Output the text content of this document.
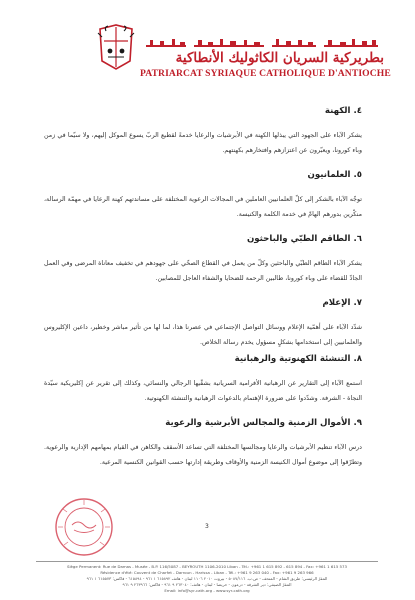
بطريركية السريان الكاثوليك الأنطاكية
PATRIARCAT SYRIAQUE CATHOLIQUE D'ANTIOCHE

٤. الكهنة

يشكر الآباء على الجهود التي يبذلها الكهنة في الأبرشيات والرعايا خدمةً لقطيع الربّ يسوع الموكل إليهم، ولا سيّما في زمن وباء كورونا، ويعبّرون عن اعتزازهم وافتخارهم بكهنتهم.

٥. العلمانيون

توجّه الآباء بالشكر إلى كلّ العلمانيين العاملين في المجالات الرعوية المختلفة على مساندتهم كهنة الرعايا في مهمّة الرسالة، منكّرين بدورهم الهامّ في خدمة الكلمة والكنيسة.

٦. الطاقم الطبّي والباحثون

يشكر الآباء الطاقم الطبّي والباحثين وكلّ من يعمل في القطاع الصحّي على جهودهم في تخفيف معاناة المرضى وفي العمل الجادّ للقضاء على وباء كورونا، طالبين الرحمة للضحايا والشفاء العاجل للمصابين.

٧. الإعلام

شدّد الآباء على أهمّية الإعلام ووسائل التواصل الإجتماعي في عصرنا هذا، لما لها من تأثير مباشر وخطير، داعين الإكليروس والعلمانيين إلى استخدامها بشكلٍ مسؤول يخدم رسالة الخلاص.

٨. التنشئة الكهنوتية والرهبانية

استمع الآباء إلى التقارير عن الرهبانية الأفرامية السريانية بشقّيها الرجالي والنسائي، وكذلك إلى تقرير عن إكليريكية سيّدة النجاة - الشرفة. وشدّدوا على ضرورة الإهتمام بالدعوات الرهبانية والتنشئة الكهنوتية.

٩. الأموال الزمنية والمجالس الأبرشية والرعوية

درس الآباء تنظيم الأبرشيات والرعايا ومجالسها المختلفة التي تساعد الأسقف والكاهن في القيام بمهامهم الإدارية والرعوية. وتطرّقوا إلى موضوع أموال الكنيسة الزمنية والأوقاف وطريقة إدارتها حسب القوانين الكنسية المرعية.

3
Siège Permanent: Rue de Damas - Musée - B.P. 116/5087 - BEYROUTH 1106-2010 Liban - Tél.: +961 1 615 892 - 615 894 - Fax: +961 1 615 573
Résidence d'été: Couvent de Charfet - Darroun - Harissa - Liban - Tél.: +961 9 263 040 - Fax: +961 9 263 966
المقرّ الرئيسي: طريق الشام - المتحف - ص.ب. ٥٠٨٧/١١٦ - بيروت ٢٠١٠ ١١٠٦ لبنان - هاتف ٦١٥٨٩٢ ١ ٩٦١ - ٦١٥٨٩٤ - فاكس: ٦١٥٥٧٣ ١ ٩٦١
المقرّ الصيفي: دير الشرفة - درعون - حريصا - لبنان - هاتف: ٢٦٣٠٤٠ ٩ ٩٦١ - فاكس: ٢٦٣٩٦٦ ٩ ٩٦١
Email: info@syr-cath.org - www.syr-cath.org
